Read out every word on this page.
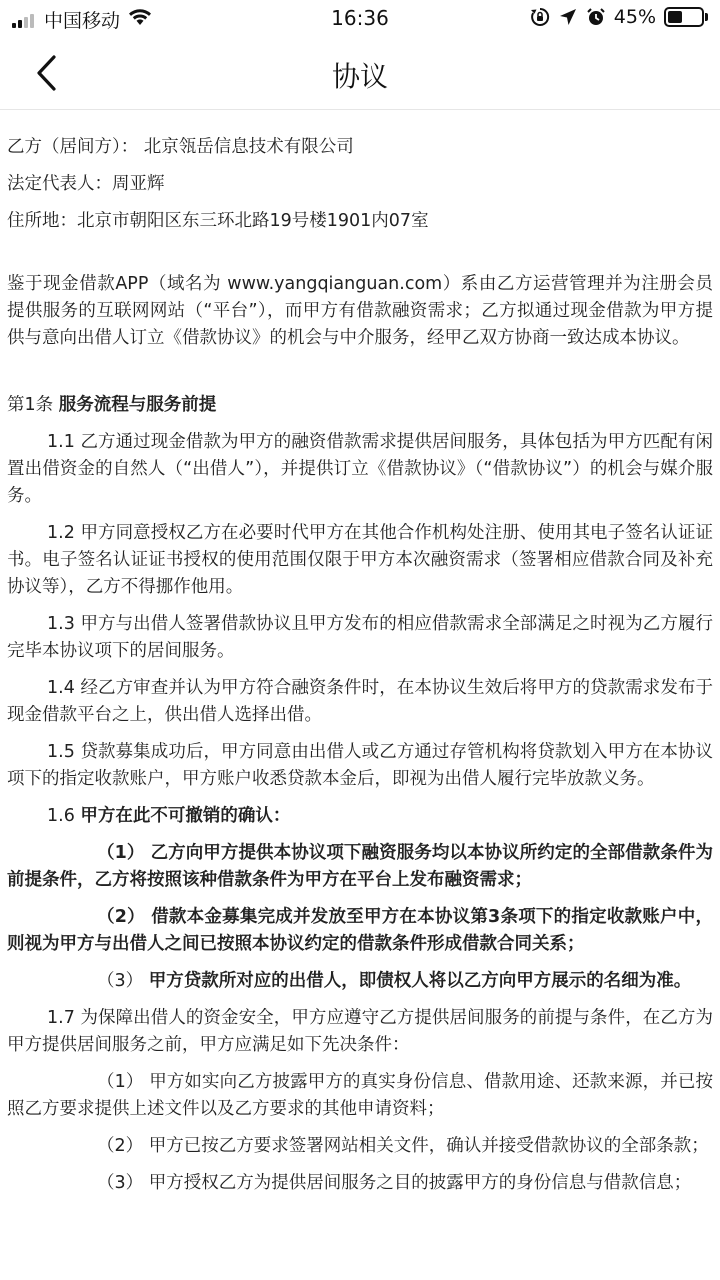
中国移动	16:36	45%
协议
乙方（居间方）： 北京瓴岳信息技术有限公司
法定代表人：周亚辉
住所地：北京市朝阳区东三环北路19号楼1901内07室
鉴于现金借款APP（域名为 www.yangqianguan.com）系由乙方运营管理并为注册会员提供服务的互联网网站（“平台”），而甲方有借款融资需求；乙方拟通过现金借款为甲方提供与意向出借人订立《借款协议》的机会与中介服务，经甲乙双方协商一致达成本协议。
第1条 服务流程与服务前提
1.1 乙方通过现金借款为甲方的融资借款需求提供居间服务，具体包括为甲方匹配有闲置出借资金的自然人（“出借人”），并提供订立《借款协议》（“借款协议”）的机会与媒介服务。
1.2 甲方同意授权乙方在必要时代甲方在其他合作机构处注册、使用其电子签名认证证书。电子签名认证证书授权的使用范围仅限于甲方本次融资需求（签署相应借款合同及补充协议等），乙方不得挪作他用。
1.3 甲方与出借人签署借款协议且甲方发布的相应借款需求全部满足之时视为乙方履行完毕本协议项下的居间服务。
1.4 经乙方审查并认为甲方符合融资条件时，在本协议生效后将甲方的贷款需求发布于现金借款平台之上，供出借人选择出借。
1.5 贷款募集成功后，甲方同意由出借人或乙方通过存管机构将贷款划入甲方在本协议项下的指定收款账户，甲方账户收悉贷款本金后，即视为出借人履行完毕放款义务。
1.6 甲方在此不可撤销的确认：
（1） 乙方向甲方提供本协议项下融资服务均以本协议所约定的全部借款条件为前提条件，乙方将按照该种借款条件为甲方在平台上发布融资需求；
（2） 借款本金募集完成并发放至甲方在本协议第3条项下的指定收款账户中，则视为甲方与出借人之间已按照本协议约定的借款条件形成借款合同关系；
（3） 甲方贷款所对应的出借人，即债权人将以乙方向甲方展示的名细为准。
1.7 为保障出借人的资金安全，甲方应遵守乙方提供居间服务的前提与条件，在乙方为甲方提供居间服务之前，甲方应满足如下先决条件：
（1） 甲方如实向乙方披露甲方的真实身份信息、借款用途、还款来源，并已按照乙方要求提供上述文件以及乙方要求的其他申请资料；
（2） 甲方已按乙方要求签署网站相关文件，确认并接受借款协议的全部条款；
（3） 甲方授权乙方为提供居间服务之目的披露甲方的身份信息与借款信息；
